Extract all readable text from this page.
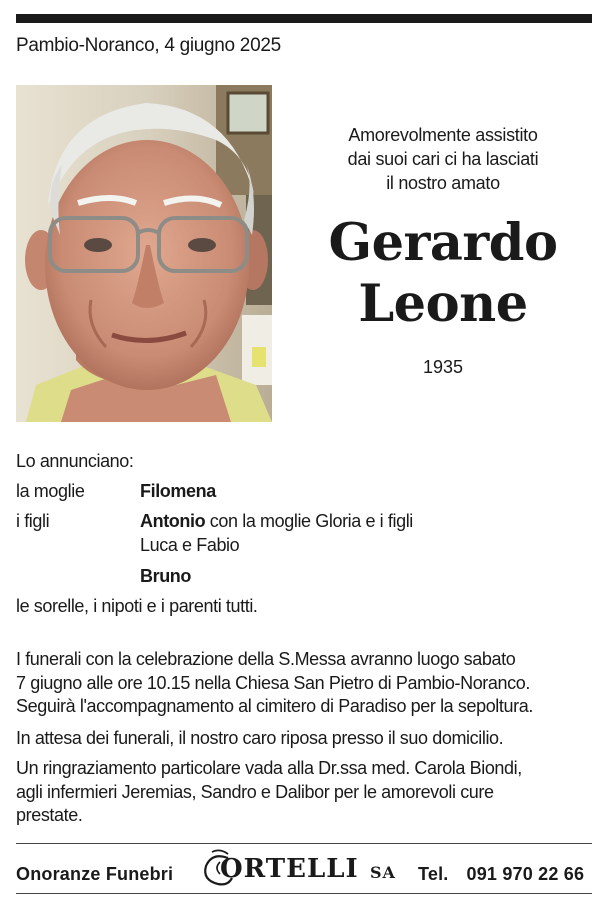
Pambio-Noranco, 4 giugno 2025
Amorevolmente assistito
dai suoi cari ci ha lasciati
il nostro amato
Gerardo
Leone
1935
Lo annunciano:
la moglie	Filomena
i figli	Antonio con la moglie Gloria e i figli
Luca e Fabio
Bruno
le sorelle, i nipoti e i parenti tutti.
I funerali con la celebrazione della S.Messa avranno luogo sabato
7 giugno alle ore 10.15 nella Chiesa San Pietro di Pambio-Noranco.
Seguirà l'accompagnamento al cimitero di Paradiso per la sepoltura.
In attesa dei funerali, il nostro caro riposa presso il suo domicilio.
Un ringraziamento particolare vada alla Dr.ssa med. Carola Biondi,
agli infermieri Jeremias, Sandro e Dalibor per le amorevoli cure
prestate.
Onoranze Funebri ORTELLI SA Tel. 091 970 22 66
